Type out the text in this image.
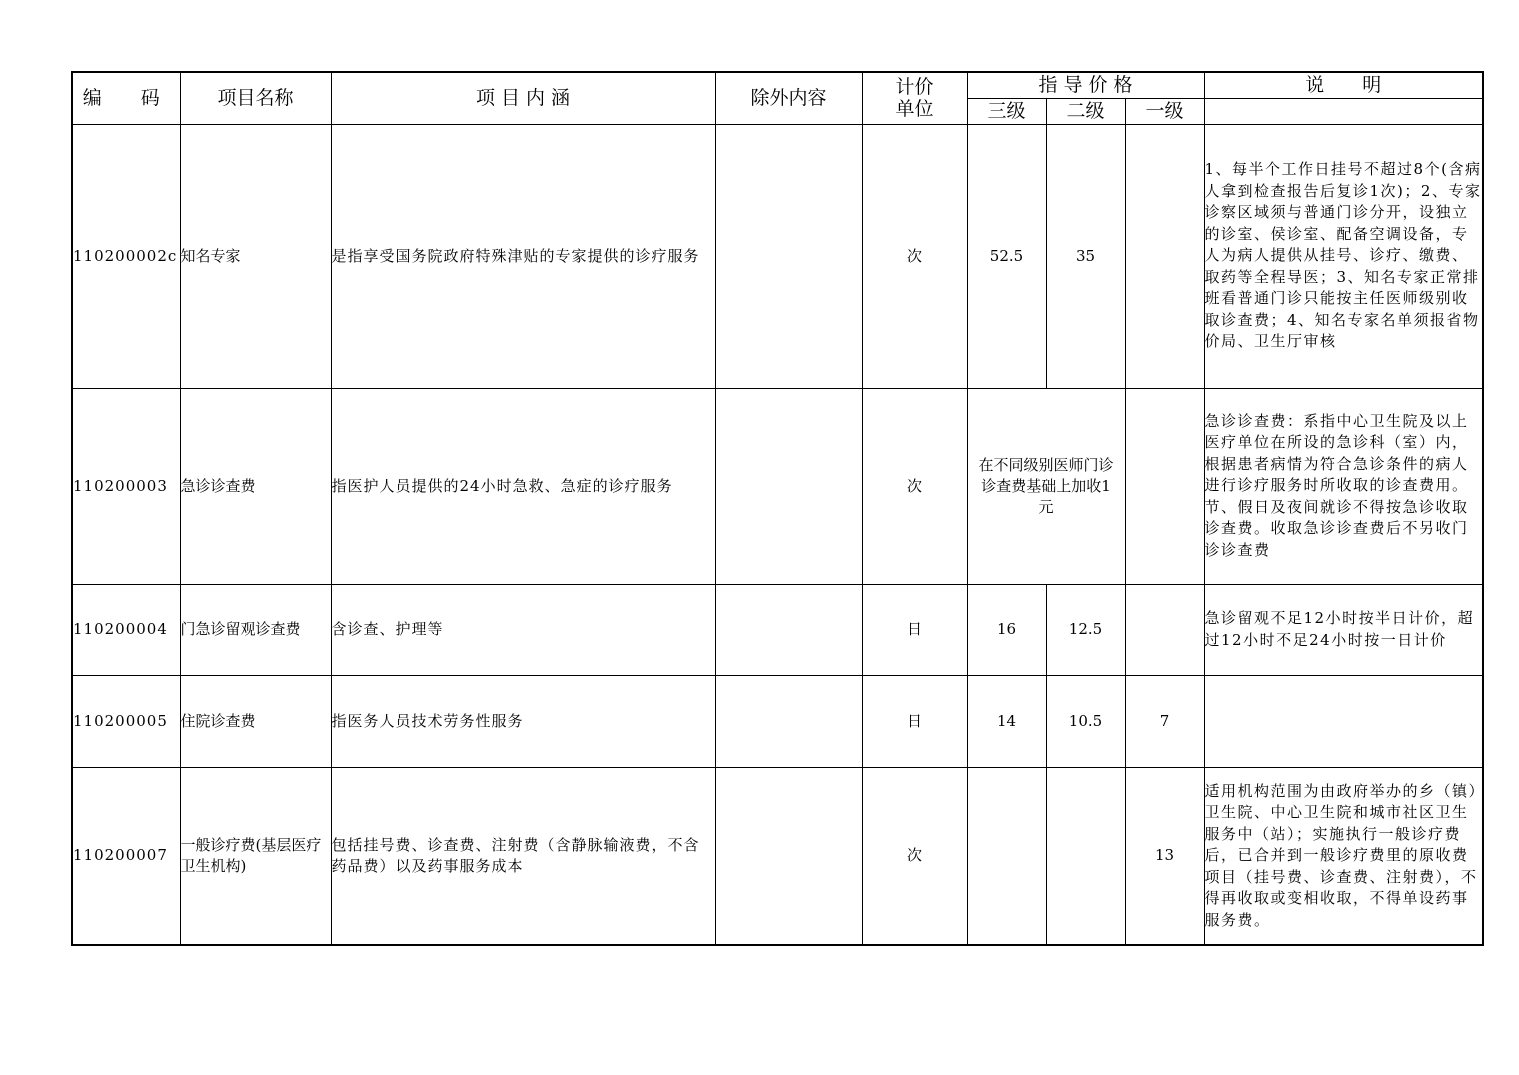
编　码	项目名称	项 目 内 涵	除外内容	计价
单位	指 导 价 格			说　　明
					三级	二级	一级	
110200002c	知名专家	是指享受国务院政府特殊津贴的专家提供的诊疗服务		次	52.5	35		1、每半个工作日挂号不超过8个(含病人拿到检查报告后复诊1次)；2、专家诊察区域须与普通门诊分开，设独立的诊室、侯诊室、配备空调设备，专人为病人提供从挂号、诊疗、缴费、取药等全程导医；3、知名专家正常排班看普通门诊只能按主任医师级别收取诊查费；4、知名专家名单须报省物价局、卫生厅审核
110200003	急诊诊查费	指医护人员提供的24小时急救、急症的诊疗服务		次	在不同级别医师门诊诊查费基础上加收1元			急诊诊查费：系指中心卫生院及以上医疗单位在所设的急诊科（室）内，根据患者病情为符合急诊条件的病人进行诊疗服务时所收取的诊查费用。节、假日及夜间就诊不得按急诊收取诊查费。收取急诊诊查费后不另收门诊诊查费
110200004	门急诊留观诊查费	含诊查、护理等		日	16	12.5		急诊留观不足12小时按半日计价，超过12小时不足24小时按一日计价
110200005	住院诊查费	指医务人员技术劳务性服务		日	14	10.5	7	
110200007	一般诊疗费(基层医疗卫生机构)	包括挂号费、诊查费、注射费（含静脉输液费，不含药品费）以及药事服务成本		次			13	适用机构范围为由政府举办的乡（镇）卫生院、中心卫生院和城市社区卫生服务中（站）；实施执行一般诊疗费后，已合并到一般诊疗费里的原收费项目（挂号费、诊查费、注射费），不得再收取或变相收取，不得单设药事服务费。
